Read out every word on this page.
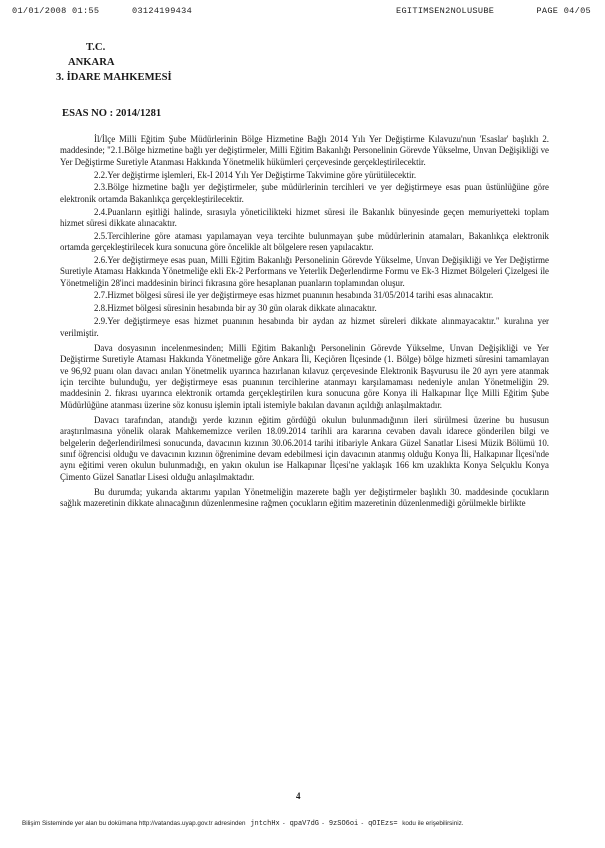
01/01/2008 01:55	03124199434	EGITIMSEN2NOLUSUBE	PAGE 04/05
T.C.
ANKARA
3. İDARE MAHKEMESİ
ESAS NO : 2014/1281

İl/İlçe Milli Eğitim Şube Müdürlerinin Bölge Hizmetine Bağlı 2014 Yılı Yer Değiştirme Kılavuzu'nun 'Esaslar' başlıklı 2. maddesinde; "2.1.Bölge hizmetine bağlı yer değiştirmeler, Milli Eğitim Bakanlığı Personelinin Görevde Yükselme, Unvan Değişikliği ve Yer Değiştirme Suretiyle Atanması Hakkında Yönetmelik hükümleri çerçevesinde gerçekleştirilecektir.

2.2.Yer değiştirme işlemleri, Ek-I 2014 Yılı Yer Değiştirme Takvimine göre yürütülecektir.

2.3.Bölge hizmetine bağlı yer değiştirmeler, şube müdürlerinin tercihleri ve yer değiştirmeye esas puan üstünlüğüne göre elektronik ortamda Bakanlıkça gerçekleştirilecektir.

2.4.Puanların eşitliği halinde, sırasıyla yöneticilikteki hizmet süresi ile Bakanlık bünyesinde geçen memuriyetteki toplam hizmet süresi dikkate alınacaktır.

2.5.Tercihlerine göre ataması yapılamayan veya tercihte bulunmayan şube müdürlerinin atamaları, Bakanlıkça elektronik ortamda gerçekleştirilecek kura sonucuna göre öncelikle alt bölgelere resen yapılacaktır.

2.6.Yer değiştirmeye esas puan, Milli Eğitim Bakanlığı Personelinin Görevde Yükselme, Unvan Değişikliği ve Yer Değiştirme Suretiyle Ataması Hakkında Yönetmeliğe ekli Ek-2 Performans ve Yeterlik Değerlendirme Formu ve Ek-3 Hizmet Bölgeleri Çizelgesi ile Yönetmeliğin 28'inci maddesinin birinci fıkrasına göre hesaplanan puanların toplamından oluşur.

2.7.Hizmet bölgesi süresi ile yer değiştirmeye esas hizmet puanının hesabında 31/05/2014 tarihi esas alınacaktır.

2.8.Hizmet bölgesi süresinin hesabında bir ay 30 gün olarak dikkate alınacaktır.

2.9.Yer değiştirmeye esas hizmet puanının hesabında bir aydan az hizmet süreleri dikkate alınmayacaktır." kuralına yer verilmiştir.

Dava dosyasının incelenmesinden; Milli Eğitim Bakanlığı Personelinin Görevde Yükselme, Unvan Değişikliği ve Yer Değiştirme Suretiyle Ataması Hakkında Yönetmeliğe göre Ankara İli, Keçiören İlçesinde (1. Bölge) bölge hizmeti süresini tamamlayan ve 96,92 puanı olan davacı anılan Yönetmelik uyarınca hazırlanan kılavuz çerçevesinde Elektronik Başvurusu ile 20 ayrı yere atanmak için tercihte bulunduğu, yer değiştirmeye esas puanının tercihlerine atanmayı karşılamaması nedeniyle anılan Yönetmeliğin 29. maddesinin 2. fıkrası uyarınca elektronik ortamda gerçekleştirilen kura sonucuna göre Konya ili Halkapınar İlçe Milli Eğitim Şube Müdürlüğüne atanması üzerine söz konusu işlemin iptali istemiyle bakılan davanın açıldığı anlaşılmaktadır.

Davacı tarafından, atandığı yerde kızının eğitim gördüğü okulun bulunmadığının ileri sürülmesi üzerine bu hususun araştırılmasına yönelik olarak Mahkememizce verilen 18.09.2014 tarihli ara kararına cevaben davalı idarece gönderilen bilgi ve belgelerin değerlendirilmesi sonucunda, davacının kızının 30.06.2014 tarihi itibariyle Ankara Güzel Sanatlar Lisesi Müzik Bölümü 10. sınıf öğrencisi olduğu ve davacının kızının öğrenimine devam edebilmesi için davacının atanmış olduğu Konya İli, Halkapınar İlçesi'nde aynı eğitimi veren okulun bulunmadığı, en yakın okulun ise Halkapınar İlçesi'ne yaklaşık 166 km uzaklıkta Konya Selçuklu Konya Çimento Güzel Sanatlar Lisesi olduğu anlaşılmaktadır.

Bu durumda; yukarıda aktarımı yapılan Yönetmeliğin mazerete bağlı yer değiştirmeler başlıklı 30. maddesinde çocukların sağlık mazeretinin dikkate alınacağının düzenlenmesine rağmen çocukların eğitim mazeretinin düzenlenmediği görülmekle birlikte

4
Bilişim Sisteminde yer alan bu dokümana http://vatandas.uyap.gov.tr adresinden jntchHx - qpaV7dG - 9zSO6oi - qOIEzs= kodu ile erişebilirsiniz.
